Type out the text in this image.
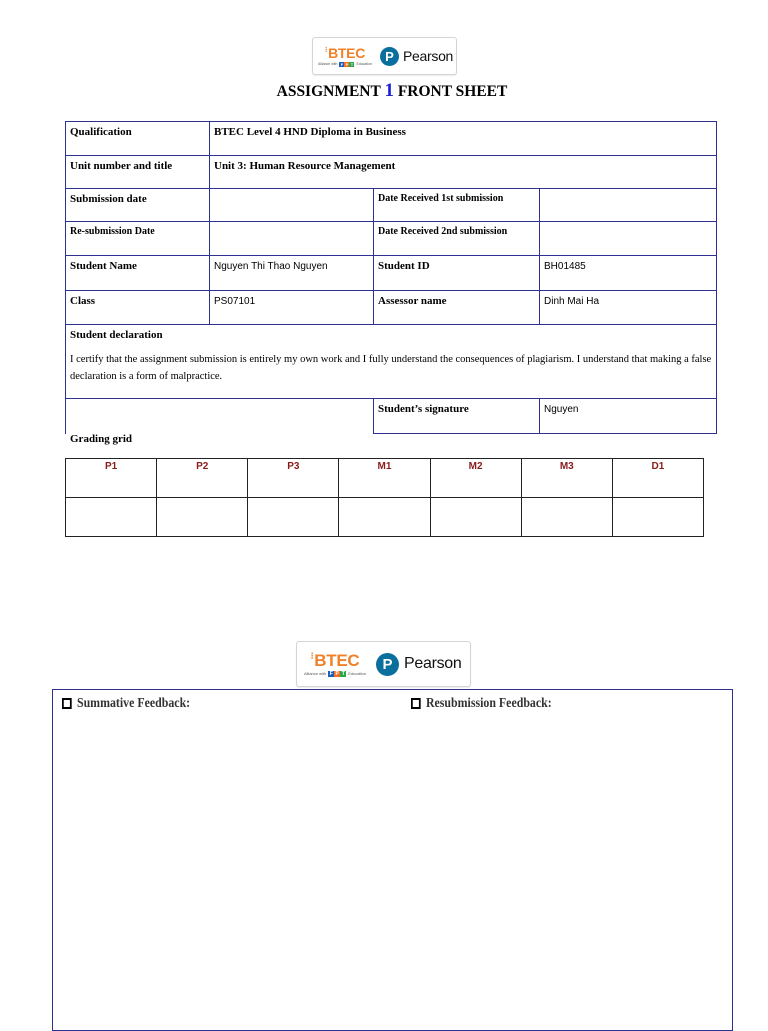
⁝BTEC
Alliance with F P T Education
P Pearson
ASSIGNMENT 1 FRONT SHEET
Qualification	BTEC Level 4 HND Diploma in Business		
Unit number and title	Unit 3: Human Resource Management		
Submission date		Date Received 1st submission	
Re-submission Date		Date Received 2nd submission	
Student Name	Nguyen Thi Thao Nguyen	Student ID	BH01485
Class	PS07101	Assessor name	Dinh Mai Ha

Student declaration
I certify that the assignment submission is entirely my own work and I fully understand the consequences of plagiarism. I understand that making a false declaration is a form of malpractice.			

		Student’s signature	Nguyen
Grading grid
P1	P2	P3	M1	M2	M3	D1

⁝BTEC
Alliance with F P T Education
P Pearson
Summative Feedback:	Resubmission Feedback:
